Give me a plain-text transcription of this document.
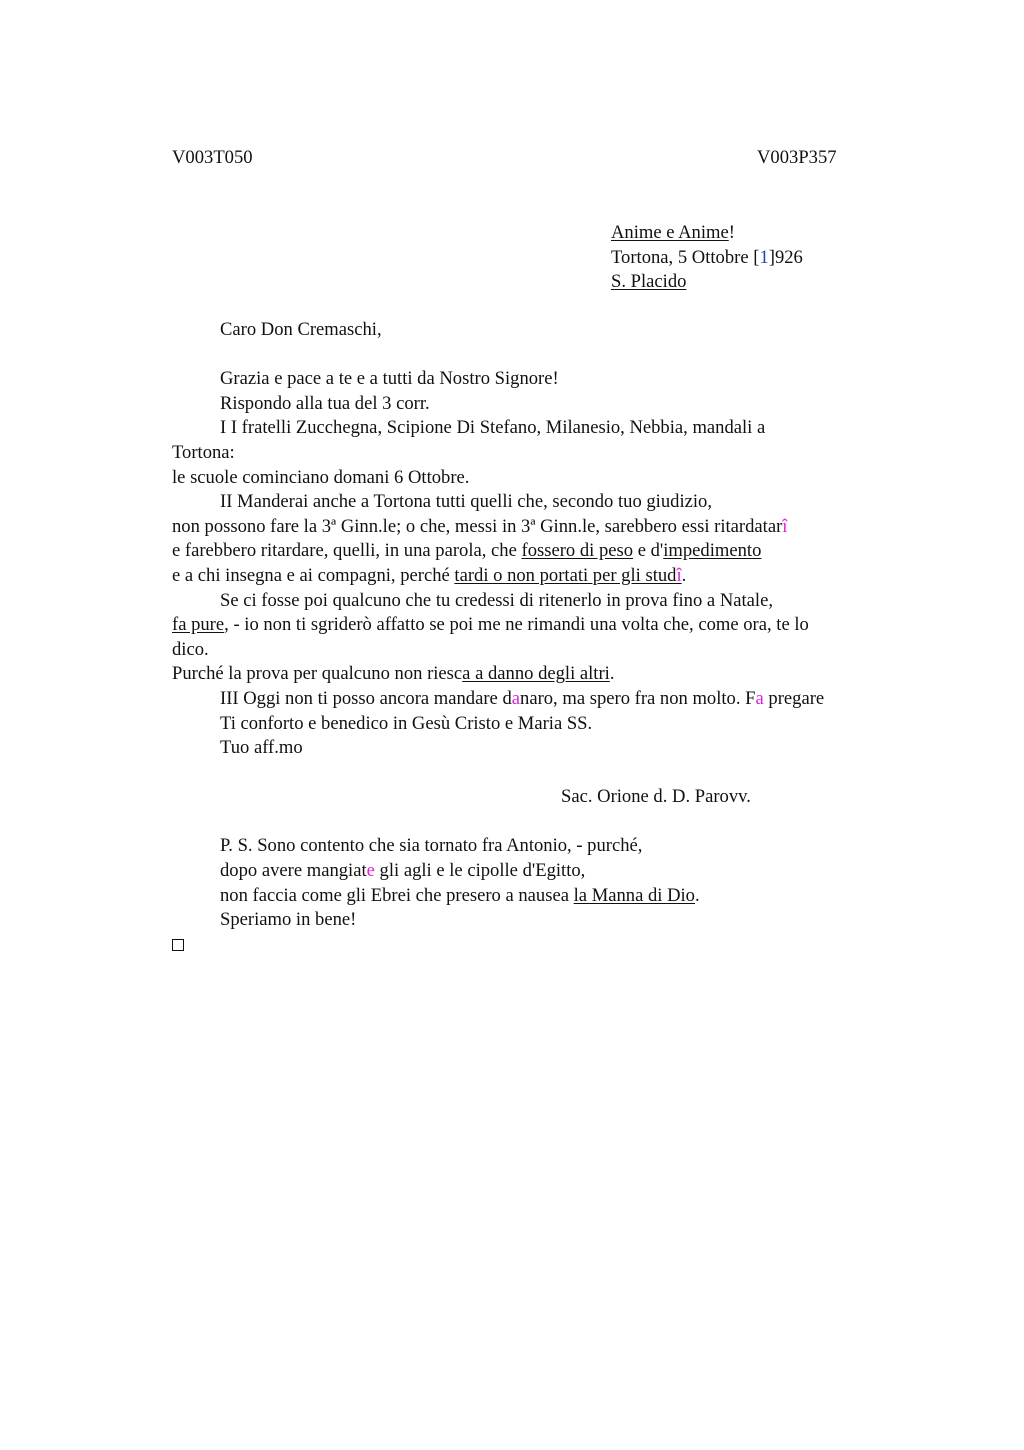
V003T050	V003P357
Anime e Anime!
Tortona, 5 Ottobre [1]926
S. Placido
Caro Don Cremaschi,
Grazia e pace a te e a tutti da Nostro Signore!
Rispondo alla tua del 3 corr.
I I fratelli Zucchegna, Scipione Di Stefano, Milanesio, Nebbia, mandali a
Tortona:
le scuole cominciano domani 6 Ottobre.
II Manderai anche a Tortona tutti quelli che, secondo tuo giudizio,
non possono fare la 3ª Ginn.le; o che, messi in 3ª Ginn.le, sarebbero essi ritardatarî
e farebbero ritardare, quelli, in una parola, che fossero di peso e d'impedimento
e a chi insegna e ai compagni, perché tardi o non portati per gli studî.
Se ci fosse poi qualcuno che tu credessi di ritenerlo in prova fino a Natale,
fa pure, - io non ti sgriderò affatto se poi me ne rimandi una volta che, come ora, te lo
dico.
Purché la prova per qualcuno non riesca a danno degli altri.
III Oggi non ti posso ancora mandare danaro, ma spero fra non molto. Fa pregare
Ti conforto e benedico in Gesù Cristo e Maria SS.
Tuo aff.mo
Sac. Orione d. D. Parovv.
P. S. Sono contento che sia tornato fra Antonio, - purché,
dopo avere mangiate gli agli e le cipolle d'Egitto,
non faccia come gli Ebrei che presero a nausea la Manna di Dio.
Speriamo in bene!
